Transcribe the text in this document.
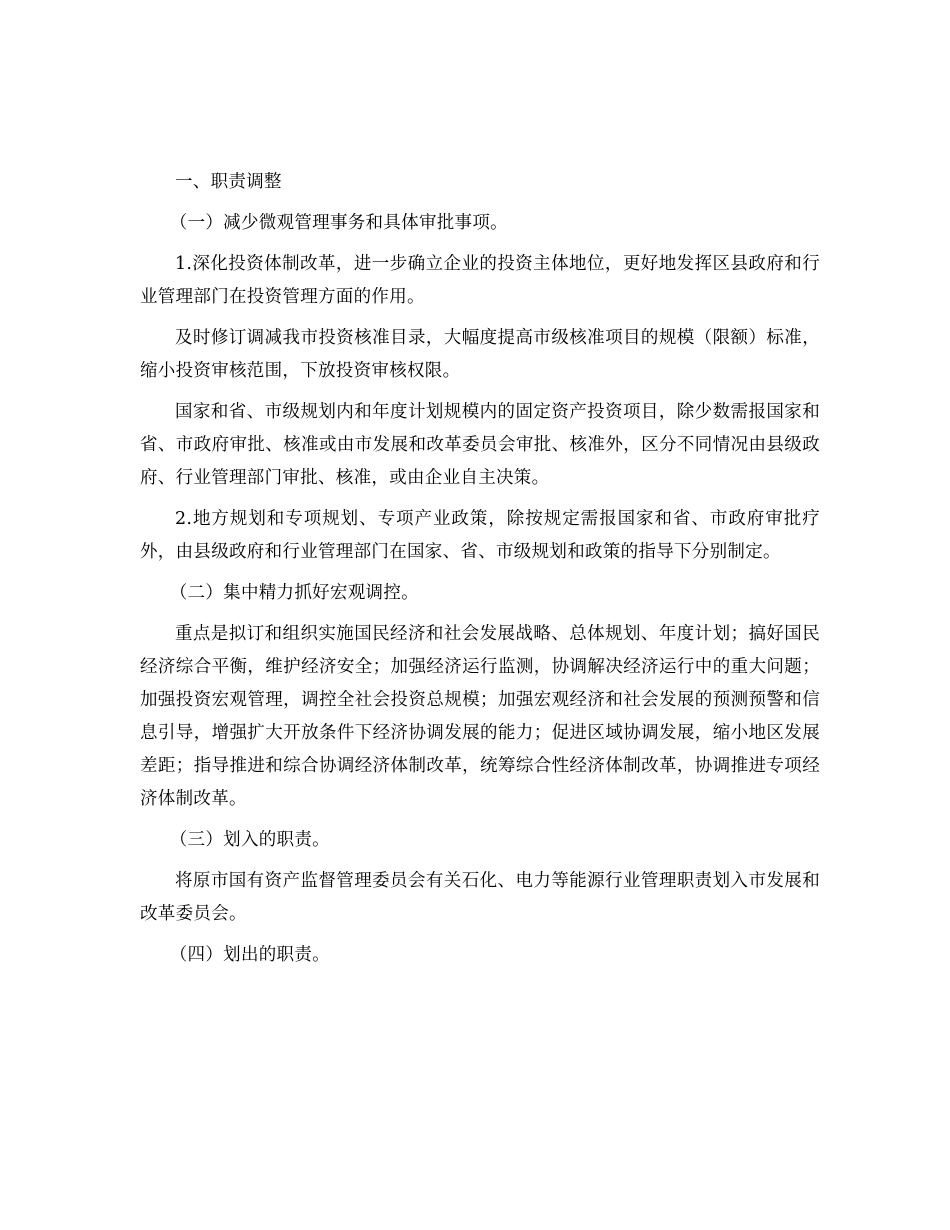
一、职责调整

（一）减少微观管理事务和具体审批事项。

1.深化投资体制改革，进一步确立企业的投资主体地位，更好地发挥区县政府和行业管理部门在投资管理方面的作用。

及时修订调减我市投资核准目录，大幅度提高市级核准项目的规模（限额）标准，缩小投资审核范围，下放投资审核权限。

国家和省、市级规划内和年度计划规模内的固定资产投资项目，除少数需报国家和省、市政府审批、核准或由市发展和改革委员会审批、核准外，区分不同情况由县级政府、行业管理部门审批、核准，或由企业自主决策。

2.地方规划和专项规划、专项产业政策，除按规定需报国家和省、市政府审批疗外，由县级政府和行业管理部门在国家、省、市级规划和政策的指导下分别制定。

（二）集中精力抓好宏观调控。

重点是拟订和组织实施国民经济和社会发展战略、总体规划、年度计划；搞好国民经济综合平衡，维护经济安全；加强经济运行监测，协调解决经济运行中的重大问题；加强投资宏观管理，调控全社会投资总规模；加强宏观经济和社会发展的预测预警和信息引导，增强扩大开放条件下经济协调发展的能力；促进区域协调发展，缩小地区发展差距；指导推进和综合协调经济体制改革，统筹综合性经济体制改革，协调推进专项经济体制改革。

（三）划入的职责。

将原市国有资产监督管理委员会有关石化、电力等能源行业管理职责划入市发展和改革委员会。

（四）划出的职责。
